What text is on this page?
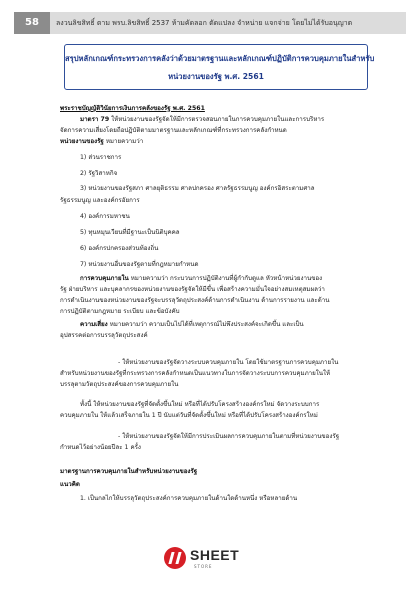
58	ลงวนลิขสิทธิ์ ตาม พรบ.ลิขสิทธิ์ 2537 ห้ามคัดลอก ตัดแปลง จำหน่าย แจกจ่าย โดยไม่ได้รับอนุญาต
สรุปหลักเกณฑ์กระทรวงการคลังว่าด้วยมาตรฐานและหลักเกณฑ์ปฏิบัติการควบคุมภายในสำหรับ
หน่วยงานของรัฐ พ.ศ. 2561
พระราชบัญญัติวินัยการเงินการคลังของรัฐ พ.ศ. 2561
มาตรา 79 ให้หน่วยงานของรัฐจัดให้มีการตรวจสอบภายในการควบคุมภายในและการบริหาร
จัดการความเสี่ยงโดยถือปฏิบัติตามมาตรฐานและหลักเกณฑ์ที่กระทรวงการคลังกำหนด
หน่วยงานของรัฐ หมายความว่า
1) ส่วนราชการ
2) รัฐวิสาหกิจ
3) หน่วยงานของรัฐสภา ศาลยุติธรรม ศาลปกครอง ศาลรัฐธรรมนูญ องค์กรอิสระตามศาล
รัฐธรรมนูญ และองค์กรอัยการ
4) องค์การมหาชน
5) ทุนหมุนเวียนที่มีฐานะเป็นนิติบุคคล
6) องค์กรปกครองส่วนท้องถิ่น
7) หน่วยงานอื่นของรัฐตามที่กฎหมายกำหนด
การควบคุมภายใน หมายความว่า กระบวนการปฏิบัติงานที่ผู้กำกับดูแล หัวหน้าหน่วยงานของ
รัฐ ฝ่ายบริหาร และบุคลากรของหน่วยงานของรัฐจัดให้มีขึ้น เพื่อสร้างความมั่นใจอย่างสมเหตุสมผลว่า
การดำเนินงานของหน่วยงานของรัฐจะบรรลุวัตถุประสงค์ด้านการดำเนินงาน ด้านการรายงาน และด้าน
การปฏิบัติตามกฎหมาย ระเบียบ และข้อบังคับ
ความเสี่ยง หมายความว่า ความเป็นไปได้ที่เหตุการณ์ไม่พึงประสงค์จะเกิดขึ้น และเป็น
อุปสรรคต่อการบรรลุวัตถุประสงค์
- ให้หน่วยงานของรัฐจัดวางระบบควบคุมภายใน โดยใช้มาตรฐานการควบคุมภายใน
สำหรับหน่วยงานของรัฐที่กระทรวงการคลังกำหนดเป็นแนวทางในการจัดวางระบบการควบคุมภายในให้
บรรลุตามวัตถุประสงค์ของการควบคุมภายใน
ทั้งนี้ ให้หน่วยงานของรัฐที่จัดตั้งขึ้นใหม่ หรือที่ได้ปรับโครงสร้างองค์กรใหม่ จัดวางระบบการ
ควบคุมภายใน ให้แล้วเสร็จภายใน 1 ปี นับแต่วันที่จัดตั้งขึ้นใหม่ หรือที่ได้ปรับโครงสร้างองค์กรใหม่
- ให้หน่วยงานของรัฐจัดให้มีการประเมินผลการควบคุมภายในตามที่หน่วยงานของรัฐ
กำหนดไว้อย่างน้อยปีละ 1 ครั้ง
มาตรฐานการควบคุมภายในสำหรับหน่วยงานของรัฐ
แนวคิด
1. เป็นกลไกให้บรรลุวัตถุประสงค์การควบคุมภายในด้านใดด้านหนึ่ง หรือหลายด้าน
SHEET
STORE
